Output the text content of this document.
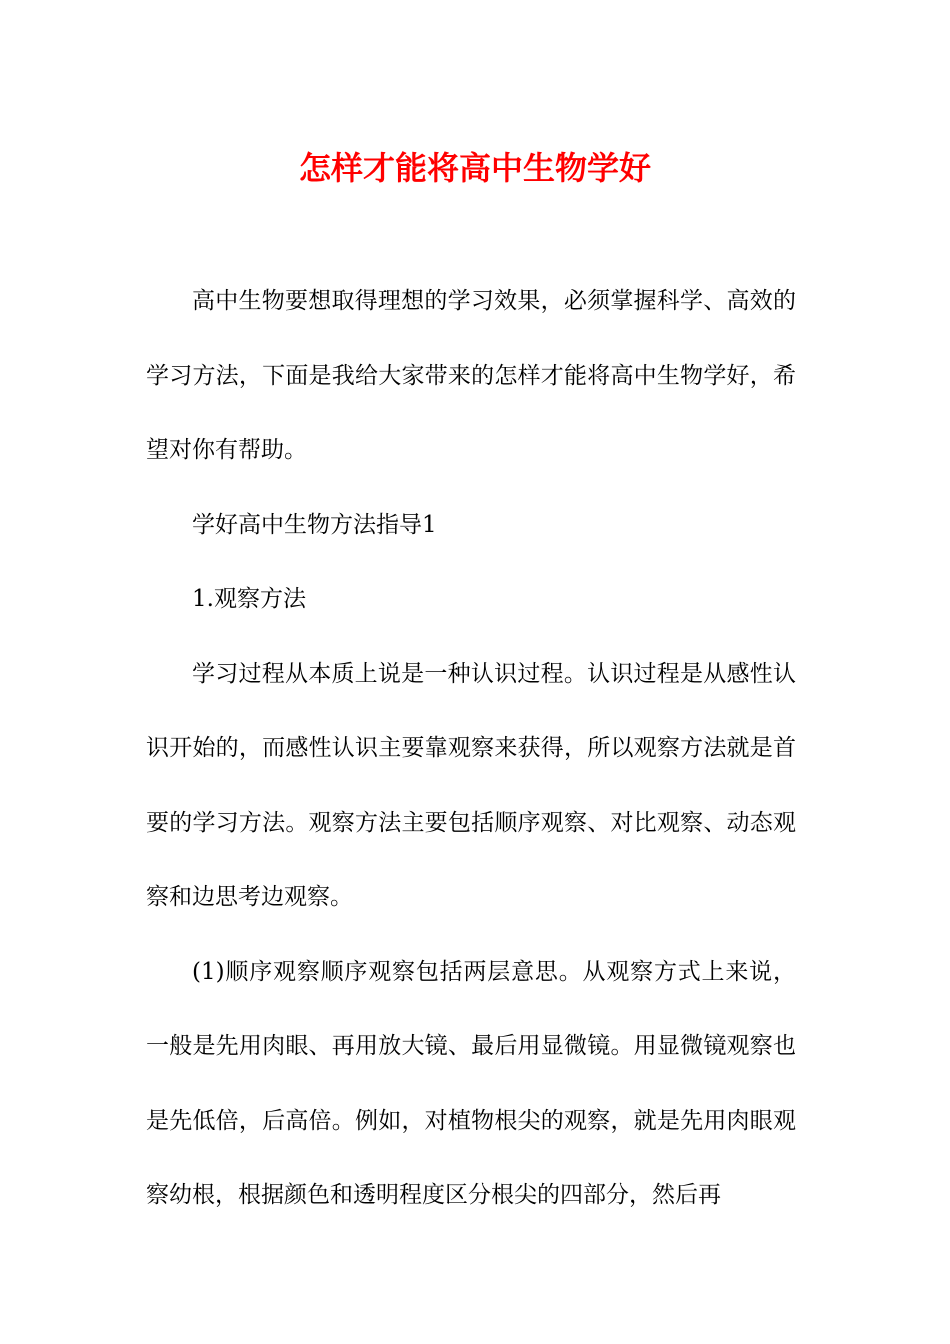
怎样才能将高中生物学好

高中生物要想取得理想的学习效果，必须掌握科学、高效的学习方法，下面是我给大家带来的怎样才能将高中生物学好，希望对你有帮助。

学好高中生物方法指导1

1.观察方法

学习过程从本质上说是一种认识过程。认识过程是从感性认识开始的，而感性认识主要靠观察来获得，所以观察方法就是首要的学习方法。观察方法主要包括顺序观察、对比观察、动态观察和边思考边观察。

(1)顺序观察顺序观察包括两层意思。从观察方式上来说，一般是先用肉眼、再用放大镜、最后用显微镜。用显微镜观察也是先低倍，后高倍。例如，对植物根尖的观察，就是先用肉眼观察幼根，根据颜色和透明程度区分根尖的四部分，然后再
